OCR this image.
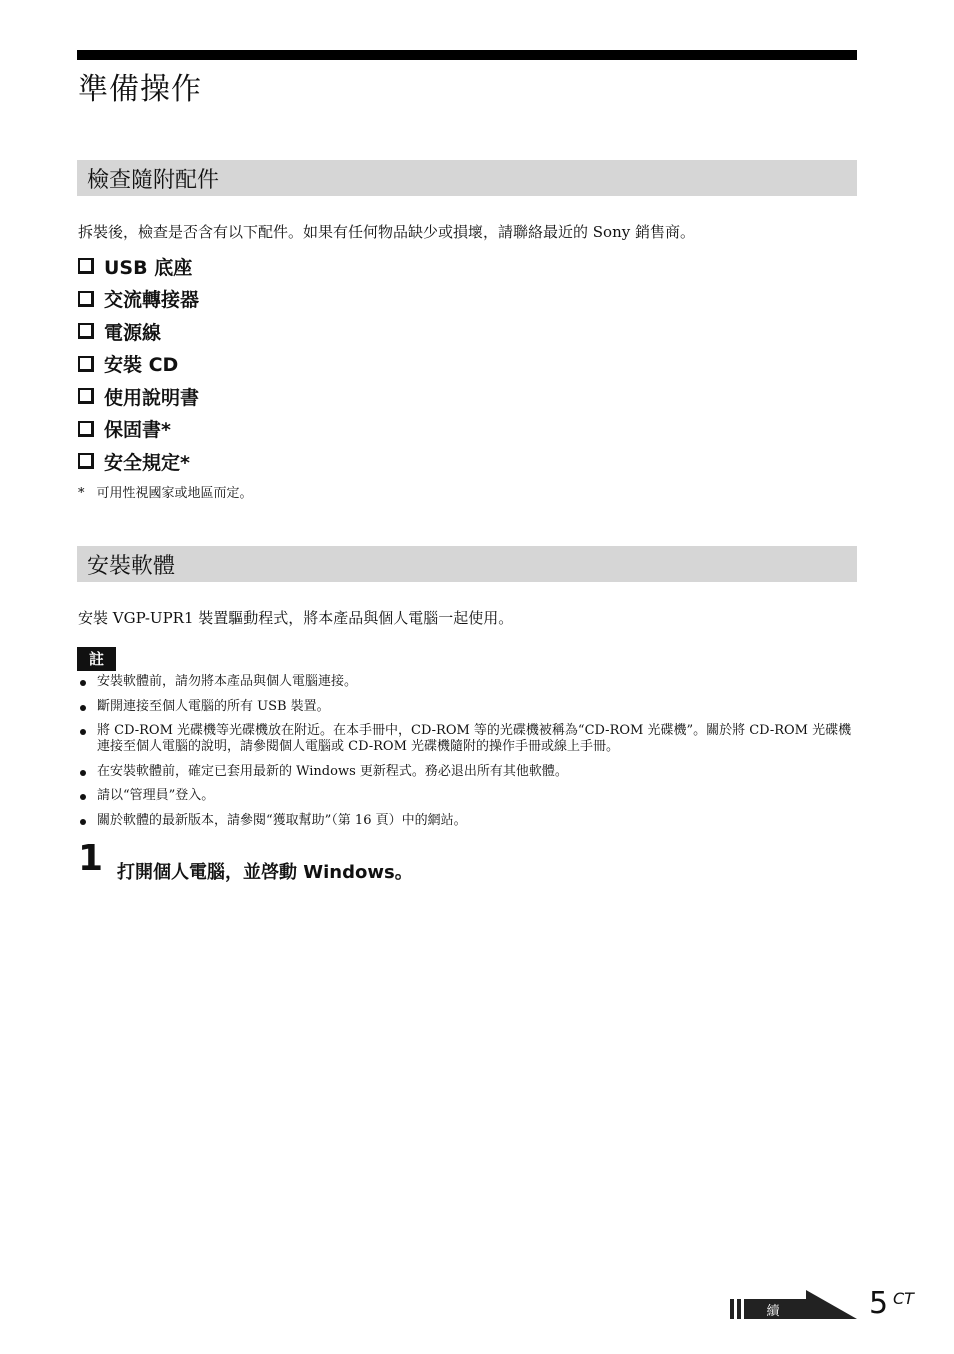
準備操作
檢查隨附配件
拆裝後，檢查是否含有以下配件。如果有任何物品缺少或損壞，請聯絡最近的 Sony 銷售商。
USB 底座
交流轉接器
電源線
安裝 CD
使用說明書
保固書*
安全規定*
* 可用性視國家或地區而定。
安裝軟體
安裝 VGP-UPR1 裝置驅動程式，將本產品與個人電腦一起使用。
註
安裝軟體前，請勿將本產品與個人電腦連接。
斷開連接至個人電腦的所有 USB 裝置。
將 CD-ROM 光碟機等光碟機放在附近。在本手冊中，CD-ROM 等的光碟機被稱為“CD-ROM 光碟機”。關於將 CD-ROM 光碟機連接至個人電腦的說明，請參閱個人電腦或 CD-ROM 光碟機隨附的操作手冊或線上手冊。
在安裝軟體前，確定已套用最新的 Windows 更新程式。務必退出所有其他軟體。
請以“管理員”登入。
關於軟體的最新版本，請參閱“獲取幫助”（第 16 頁）中的網站。
1 打開個人電腦，並啓動 Windows。
續	5 CT
